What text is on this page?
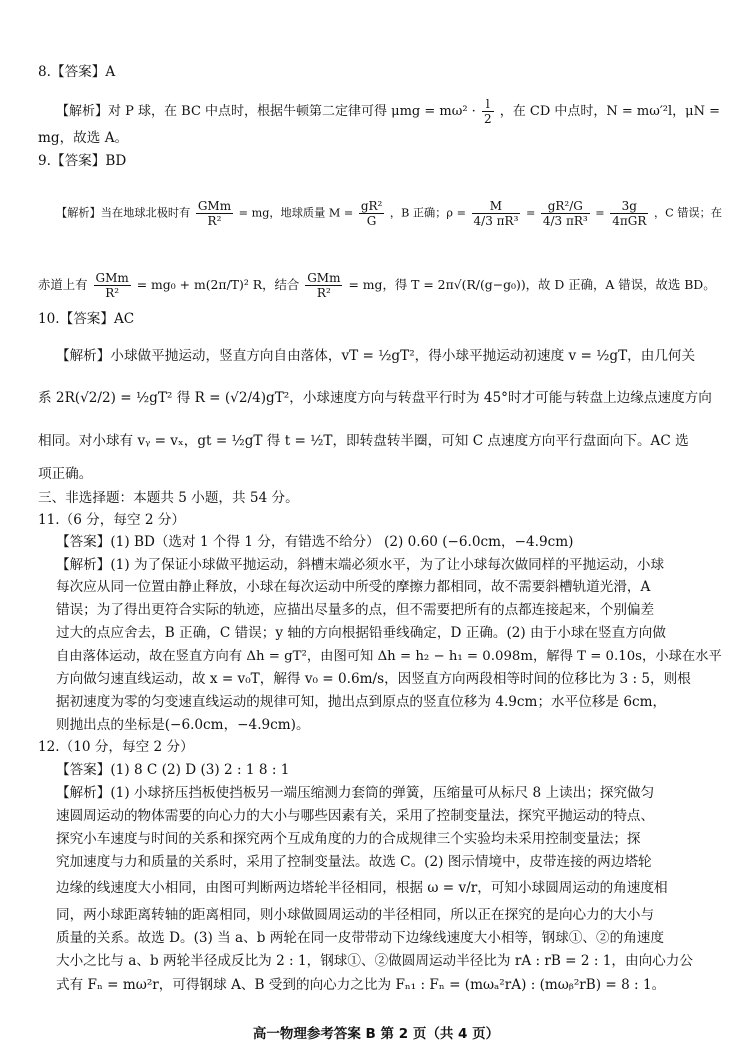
8.【答案】A
【解析】对 P 球，在 BC 中点时，根据牛顿第二定律可得 $\mu mg = m\omega^2 \cdot \frac{l}{2}$ ，在 CD 中点时，N = mω′²l，μN =
mg，故选 A。
9.【答案】BD
【解析】当在地球北极时有 $\frac{\text{GMm}}{\text{R²}}$ = mg，地球质量 $M = \frac{\text{gR²}}{G}$ ，B 正确；$\rho = \frac{M}{\text{4/3 πR³}} = \frac{\text{gR²/G}}{\text{4/3 πR³}} = \frac{3g}{\text{4πGR}}$ ，C 错误；在
赤道上有 $\frac{\text{GMm}}{\text{R²}} = mg_0 + m(2\pi/T)^2$ R，结合 $\frac{\text{GMm}}{\text{R²}}$ = mg，得 T = 2π√(R/(g−g₀))，故 D 正确，A 错误，故选 BD。
10.【答案】AC
【解析】小球做平抛运动，竖直方向自由落体，vT = ½gT²，得小球平抛运动初速度 v = ½gT，由几何关
系 2R(√2/2) = ½gT² 得 R = (√2/4)gT²，小球速度方向与转盘平行时为 45°时才可能与转盘上边缘点速度方向
相同。对小球有 vᵧ = vₓ，gt = ½gT 得 t = ½T，即转盘转半圈，可知 C 点速度方向平行盘面向下。AC 选
项正确。
三、非选择题：本题共 5 小题，共 54 分。
11.（6 分，每空 2 分）
【答案】(1) BD（选对 1 个得 1 分，有错选不给分） (2) 0.60 (−6.0cm，−4.9cm)
【解析】(1) 为了保证小球做平抛运动，斜槽末端必须水平，为了让小球每次做同样的平抛运动，小球
每次应从同一位置由静止释放，小球在每次运动中所受的摩擦力都相同，故不需要斜槽轨道光滑，A
错误；为了得出更符合实际的轨迹，应描出尽量多的点，但不需要把所有的点都连接起来，个别偏差
过大的点应舍去，B 正确，C 错误；y 轴的方向根据铅垂线确定，D 正确。(2) 由于小球在竖直方向做
自由落体运动，故在竖直方向有 Δh = gT²，由图可知 Δh = h₂ − h₁ = 0.098m，解得 T = 0.10s，小球在水平
方向做匀速直线运动，故 x = v₀T，解得 v₀ = 0.6m/s，因竖直方向两段相等时间的位移比为 3 : 5，则根
据初速度为零的匀变速直线运动的规律可知，抛出点到原点的竖直位移为 4.9cm；水平位移是 6cm，
则抛出点的坐标是(−6.0cm，−4.9cm)。
12.（10 分，每空 2 分）
【答案】(1) 8 C (2) D (3) 2 : 1 8 : 1
【解析】(1) 小球挤压挡板使挡板另一端压缩测力套筒的弹簧，压缩量可从标尺 8 上读出；探究做匀
速圆周运动的物体需要的向心力的大小与哪些因素有关，采用了控制变量法，探究平抛运动的特点、
探究小车速度与时间的关系和探究两个互成角度的力的合成规律三个实验均未采用控制变量法；探
究加速度与力和质量的关系时，采用了控制变量法。故选 C。(2) 图示情境中，皮带连接的两边塔轮
边缘的线速度大小相同，由图可判断两边塔轮半径相同，根据 ω = v/r，可知小球圆周运动的角速度相
同，两小球距离转轴的距离相同，则小球做圆周运动的半径相同，所以正在探究的是向心力的大小与
质量的关系。故选 D。(3) 当 a、b 两轮在同一皮带带动下边缘线速度大小相等，钢球①、②的角速度
大小之比与 a、b 两轮半径成反比为 2 : 1，钢球①、②做圆周运动半径比为 rA : rB = 2 : 1，由向心力公
式有 Fₙ = mω²r，可得钢球 A、B 受到的向心力之比为 Fₙ₁ : Fₙ = (mωₐ²rA) : (mωᵦ²rB) = 8 : 1。
高一物理参考答案 B 第 2 页（共 4 页）
